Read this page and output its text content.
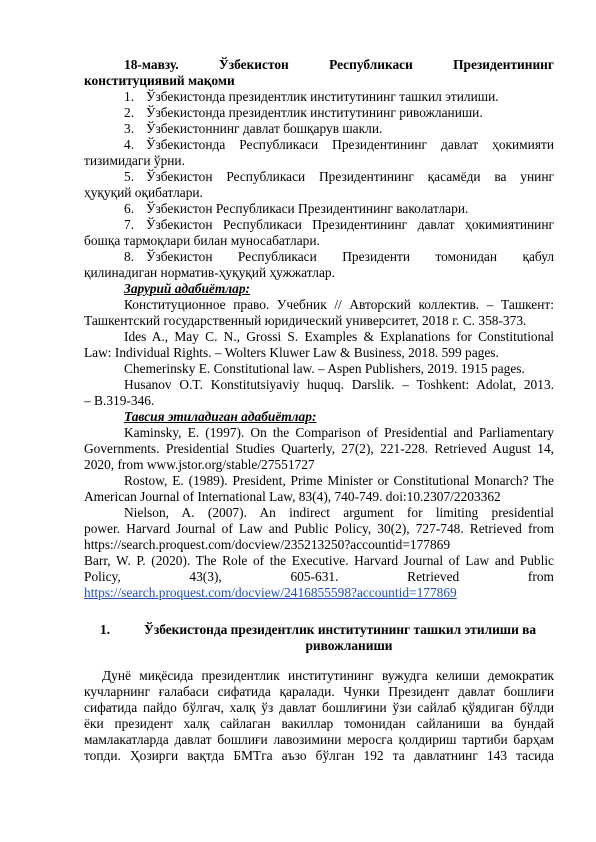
18-мавзу.	Ўзбекистон	Республикаси	Президентининг
конституциявий мақоми
1. Ўзбекистонда президентлик институтининг ташкил этилиши.
2. Ўзбекистонда президентлик институтининг ривожланиши.
3. Ўзбекистоннинг давлат бошқарув шакли.
4. Ўзбекистонда Республикаси Президентининг давлат ҳокимияти
тизимидаги ўрни.
5. Ўзбекистон Республикаси Президентининг қасамёди ва унинг
ҳуқуқий оқибатлари.
6. Ўзбекистон Республикаси Президентининг ваколатлари.
7. Ўзбекистон Республикаси Президентининг давлат ҳокимиятининг
бошқа тармоқлари билан муносабатлари.
8. Ўзбекистон Республикаси Президенти томонидан қабул
қилинадиган норматив-ҳуқуқий ҳужжатлар.
Зарурий адабиётлар:
Конституционное право. Учебник // Авторский коллектив. – Ташкент:
Ташкентский государственный юридический университет, 2018 г. С. 358-373.
Ides A., May C. N., Grossi S. Examples & Explanations for Constitutional
Law: Individual Rights. – Wolters Kluwer Law & Business, 2018. 599 pages.
Chemerinsky E. Constitutional law. – Aspen Publishers, 2019. 1915 pages.
Husanov O.T. Konstitutsiyaviy huquq. Darslik. – Toshkent: Adolat, 2013.
– B.319-346.
Тавсия этиладиган адабиётлар:
Kaminsky, E. (1997). On the Comparison of Presidential and Parliamentary
Governments. Presidential Studies Quarterly, 27(2), 221-228. Retrieved August 14,
2020, from www.jstor.org/stable/27551727
Rostow, E. (1989). President, Prime Minister or Constitutional Monarch? The
American Journal of International Law, 83(4), 740-749. doi:10.2307/2203362
Nielson, A. (2007). An indirect argument for limiting presidential
power. Harvard Journal of Law and Public Policy, 30(2), 727-748. Retrieved from
https://search.proquest.com/docview/235213250?accountid=177869
Barr, W. P. (2020). The Role of the Executive. Harvard Journal of Law and Public
Policy,	43(3),	605-631.	Retrieved	from
https://search.proquest.com/docview/2416855598?accountid=177869
1.	Ўзбекистонда президентлик институтининг ташкил этилиши ва
ривожланиши
Дунё миқёсида президентлик институтининг вужудга келиши демократик
кучларнинг ғалабаси сифатида қаралади. Чунки Президент давлат бошлиғи
сифатида пайдо бўлгач, халқ ўз давлат бошлиғини ўзи сайлаб қўядиган бўлди
ёки президент халқ сайлаган вакиллар томонидан сайланиши ва бундай
мамлакатларда давлат бошлиғи лавозимини меросга қолдириш тартиби барҳам
топди. Ҳозирги вақтда БМТга аъзо бўлган 192 та давлатнинг 143 тасида
